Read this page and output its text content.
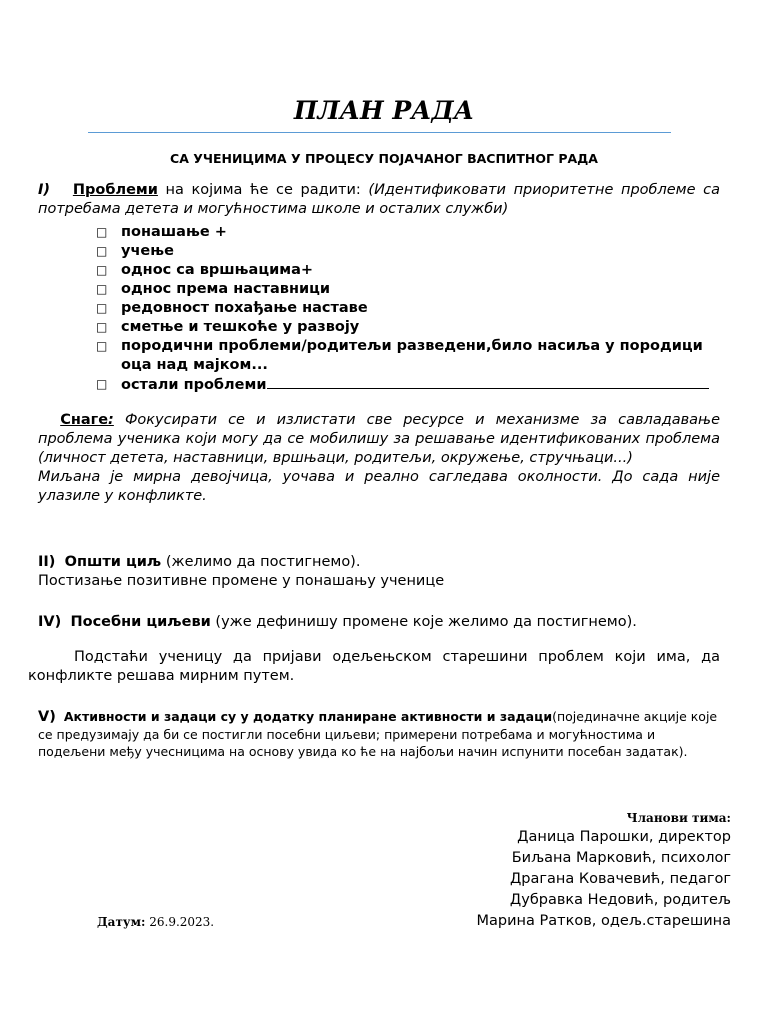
ПЛАН РАДА
СА УЧЕНИЦИМА У ПРОЦЕСУ ПОЈАЧАНОГ ВАСПИТНОГ РАДА
I) Проблеми на којима ће се радити: (Идентификовати приоритетне проблеме са потребама детета и могућностима школе и осталих служби)
□ понашање +
□ учење
□ однос са вршњацима+
□ однос према наставници
□ редовност похађање наставе
□ сметње и тешкоће у развоју
□ породични проблеми/родитељи разведени,било насиља у породици оца над мајком...
□ остали проблеми
Снаге: Фокусирати се и излистати све ресурсе и механизме за савладавање проблема ученика који могу да се мобилишу за решавање идентификованих проблема (личност детета, наставници, вршњаци, родитељи, окружење, стручњаци...)
Миљана је мирна девојчица, уочава и реално сагледава околности. До сада није улазиле у конфликте.
II) Општи циљ (желимо да постигнемо).
Постизање позитивне промене у понашању ученице
IV) Посебни циљеви (уже дефинишу промене које желимо да постигнемо).
Подстаћи ученицу да пријави одељењском старешини проблем који има, да конфликте решава мирним путем.
V) Активности и задаци су у додатку планиране активности и задаци(појединачне акције које се предузимају да би се постигли посебни циљеви; примерени потребама и могућностима и подељени међу учесницима на основу увида ко ће на најбољи начин испунити посебан задатак).
Чланови тима:
Даница Парошки, директор
Биљана Марковић, психолог
Драгана Ковачевић, педагог
Дубравка Недовић, родитељ
Марина Ратков, одељ.старешина
Датум: 26.9.2023.
